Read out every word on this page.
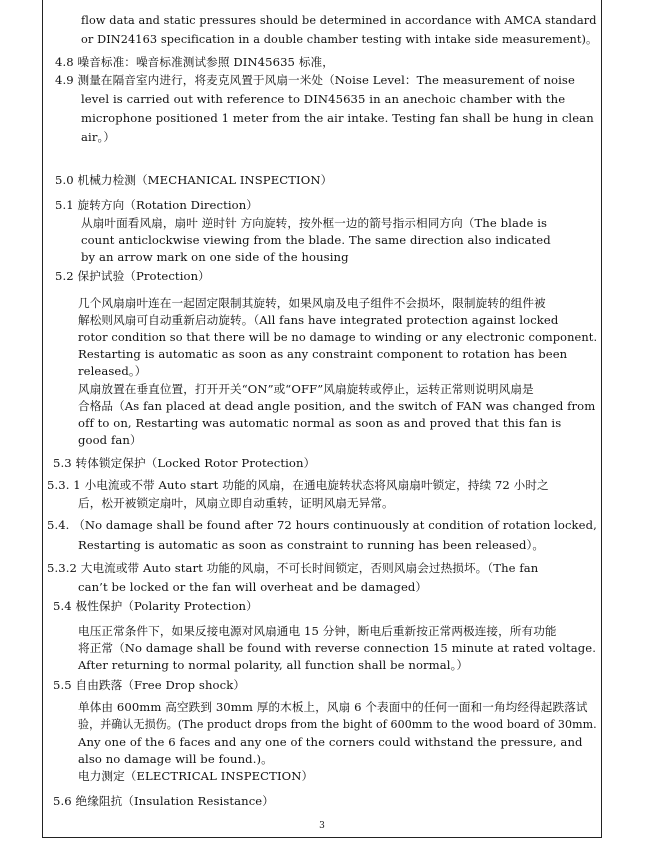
flow data and static pressures should be determined in accordance with AMCA standard
or DIN24163 specification in a double chamber testing with intake side measurement)。
4.8 噪音标准：噪音标准测试参照 DIN45635 标准，
4.9 测量在隔音室内进行，将麦克风置于风扇一米处（Noise Level：The measurement of noise
level is carried out with reference to DIN45635 in an anechoic chamber with the
microphone positioned 1 meter from the air intake. Testing fan shall be hung in clean
air。）
5.0 机械力检测（MECHANICAL INSPECTION）
5.1 旋转方向（Rotation Direction）
从扇叶面看风扇，扇叶 逆时针 方向旋转，按外框一边的箭号指示相同方向（The blade is
count anticlockwise viewing from the blade. The same direction also indicated
by an arrow mark on one side of the housing
5.2 保护试验（Protection）
几个风扇扇叶连在一起固定限制其旋转，如果风扇及电子组件不会损坏，限制旋转的组件被
解松则风扇可自动重新启动旋转。（All fans have integrated protection against locked
rotor condition so that there will be no damage to winding or any electronic component.
Restarting is automatic as soon as any constraint component to rotation has been
released。）
风扇放置在垂直位置，打开开关“ON”或“OFF”风扇旋转或停止，运转正常则说明风扇是
合格品（As fan placed at dead angle position, and the switch of FAN was changed from
off to on, Restarting was automatic normal as soon as and proved that this fan is
good fan）
5.3 转体锁定保护（Locked Rotor Protection）
5.3. 1 小电流或不带 Auto start 功能的风扇，在通电旋转状态将风扇扇叶锁定，持续 72 小时之
后，松开被锁定扇叶，风扇立即自动重转，证明风扇无异常。
5.4. （No damage shall be found after 72 hours continuously at condition of rotation locked,
Restarting is automatic as soon as constraint to running has been released）。
5.3.2 大电流或带 Auto start 功能的风扇，不可长时间锁定，否则风扇会过热损坏。（The fan
can’t be locked or the fan will overheat and be damaged）
5.4 极性保护（Polarity Protection）
电压正常条件下，如果反接电源对风扇通电 15 分钟，断电后重新按正常两极连接，所有功能
将正常（No damage shall be found with reverse connection 15 minute at rated voltage.
After returning to normal polarity, all function shall be normal。）
5.5 自由跌落（Free Drop shock）
单体由 600mm 高空跌到 30mm 厚的木板上，风扇 6 个表面中的任何一面和一角均经得起跌落试
验，并确认无损伤。(The product drops from the bight of 600mm to the wood board of 30mm.
Any one of the 6 faces and any one of the corners could withstand the pressure, and
also no damage will be found.)。
电力测定（ELECTRICAL INSPECTION）
5.6 绝缘阻抗（Insulation Resistance）
3
